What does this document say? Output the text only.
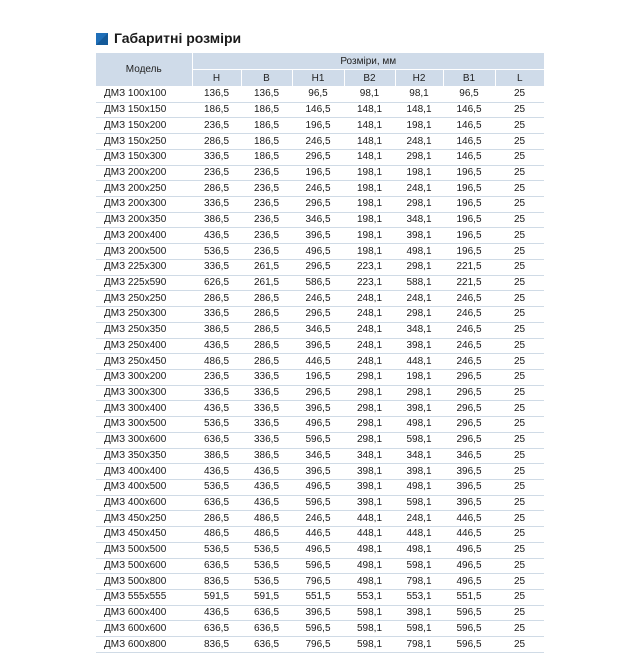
Габаритні розміри
Модель	Розміри, мм						
	H	B	H1	B2	H2	B1	L
ДМЗ 100x100	136,5	136,5	96,5	98,1	98,1	96,5	25
ДМЗ 150x150	186,5	186,5	146,5	148,1	148,1	146,5	25
ДМЗ 150x200	236,5	186,5	196,5	148,1	198,1	146,5	25
ДМЗ 150x250	286,5	186,5	246,5	148,1	248,1	146,5	25
ДМЗ 150x300	336,5	186,5	296,5	148,1	298,1	146,5	25
ДМЗ 200x200	236,5	236,5	196,5	198,1	198,1	196,5	25
ДМЗ 200x250	286,5	236,5	246,5	198,1	248,1	196,5	25
ДМЗ 200x300	336,5	236,5	296,5	198,1	298,1	196,5	25
ДМЗ 200x350	386,5	236,5	346,5	198,1	348,1	196,5	25
ДМЗ 200x400	436,5	236,5	396,5	198,1	398,1	196,5	25
ДМЗ 200x500	536,5	236,5	496,5	198,1	498,1	196,5	25
ДМЗ 225x300	336,5	261,5	296,5	223,1	298,1	221,5	25
ДМЗ 225x590	626,5	261,5	586,5	223,1	588,1	221,5	25
ДМЗ 250x250	286,5	286,5	246,5	248,1	248,1	246,5	25
ДМЗ 250x300	336,5	286,5	296,5	248,1	298,1	246,5	25
ДМЗ 250x350	386,5	286,5	346,5	248,1	348,1	246,5	25
ДМЗ 250x400	436,5	286,5	396,5	248,1	398,1	246,5	25
ДМЗ 250x450	486,5	286,5	446,5	248,1	448,1	246,5	25
ДМЗ 300x200	236,5	336,5	196,5	298,1	198,1	296,5	25
ДМЗ 300x300	336,5	336,5	296,5	298,1	298,1	296,5	25
ДМЗ 300x400	436,5	336,5	396,5	298,1	398,1	296,5	25
ДМЗ 300x500	536,5	336,5	496,5	298,1	498,1	296,5	25
ДМЗ 300x600	636,5	336,5	596,5	298,1	598,1	296,5	25
ДМЗ 350x350	386,5	386,5	346,5	348,1	348,1	346,5	25
ДМЗ 400x400	436,5	436,5	396,5	398,1	398,1	396,5	25
ДМЗ 400x500	536,5	436,5	496,5	398,1	498,1	396,5	25
ДМЗ 400x600	636,5	436,5	596,5	398,1	598,1	396,5	25
ДМЗ 450x250	286,5	486,5	246,5	448,1	248,1	446,5	25
ДМЗ 450x450	486,5	486,5	446,5	448,1	448,1	446,5	25
ДМЗ 500x500	536,5	536,5	496,5	498,1	498,1	496,5	25
ДМЗ 500x600	636,5	536,5	596,5	498,1	598,1	496,5	25
ДМЗ 500x800	836,5	536,5	796,5	498,1	798,1	496,5	25
ДМЗ 555x555	591,5	591,5	551,5	553,1	553,1	551,5	25
ДМЗ 600x400	436,5	636,5	396,5	598,1	398,1	596,5	25
ДМЗ 600x600	636,5	636,5	596,5	598,1	598,1	596,5	25
ДМЗ 600x800	836,5	636,5	796,5	598,1	798,1	596,5	25
